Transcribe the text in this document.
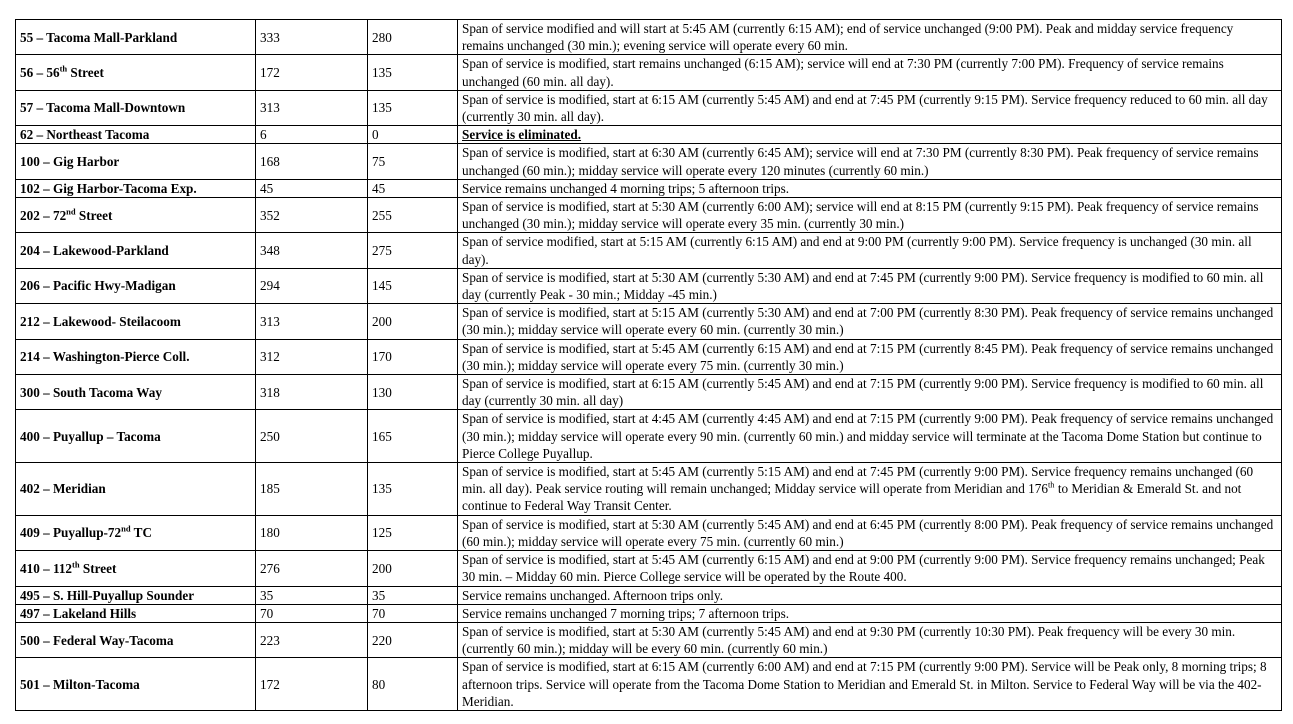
55 – Tacoma Mall-Parkland	333	280	Span of service modified and will start at 5:45 AM (currently 6:15 AM); end of service unchanged (9:00 PM). Peak and midday service frequency remains unchanged (30 min.); evening service will operate every 60 min.
56 – 56th Street	172	135	Span of service is modified, start remains unchanged (6:15 AM); service will end at 7:30 PM (currently 7:00 PM). Frequency of service remains unchanged (60 min. all day).
57 – Tacoma Mall-Downtown	313	135	Span of service is modified, start at 6:15 AM (currently 5:45 AM) and end at 7:45 PM (currently 9:15 PM). Service frequency reduced to 60 min. all day (currently 30 min. all day).
62 – Northeast Tacoma	6	0	Service is eliminated.
100 – Gig Harbor	168	75	Span of service is modified, start at 6:30 AM (currently 6:45 AM); service will end at 7:30 PM (currently 8:30 PM). Peak frequency of service remains unchanged (60 min.); midday service will operate every 120 minutes (currently 60 min.)
102 – Gig Harbor-Tacoma Exp.	45	45	Service remains unchanged 4 morning trips; 5 afternoon trips.
202 – 72nd Street	352	255	Span of service is modified, start at 5:30 AM (currently 6:00 AM); service will end at 8:15 PM (currently 9:15 PM). Peak frequency of service remains unchanged (30 min.); midday service will operate every 35 min. (currently 30 min.)
204 – Lakewood-Parkland	348	275	Span of service modified, start at 5:15 AM (currently 6:15 AM) and end at 9:00 PM (currently 9:00 PM). Service frequency is unchanged (30 min. all day).
206 – Pacific Hwy-Madigan	294	145	Span of service is modified, start at 5:30 AM (currently 5:30 AM) and end at 7:45 PM (currently 9:00 PM). Service frequency is modified to 60 min. all day (currently Peak - 30 min.; Midday -45 min.)
212 – Lakewood- Steilacoom	313	200	Span of service is modified, start at 5:15 AM (currently 5:30 AM) and end at 7:00 PM (currently 8:30 PM). Peak frequency of service remains unchanged (30 min.); midday service will operate every 60 min. (currently 30 min.)
214 – Washington-Pierce Coll.	312	170	Span of service is modified, start at 5:45 AM (currently 6:15 AM) and end at 7:15 PM (currently 8:45 PM). Peak frequency of service remains unchanged (30 min.); midday service will operate every 75 min. (currently 30 min.)
300 – South Tacoma Way	318	130	Span of service is modified, start at 6:15 AM (currently 5:45 AM) and end at 7:15 PM (currently 9:00 PM). Service frequency is modified to 60 min. all day (currently 30 min. all day)
400 – Puyallup – Tacoma	250	165	Span of service is modified, start at 4:45 AM (currently 4:45 AM) and end at 7:15 PM (currently 9:00 PM). Peak frequency of service remains unchanged (30 min.); midday service will operate every 90 min. (currently 60 min.) and midday service will terminate at the Tacoma Dome Station but continue to Pierce College Puyallup.
402 – Meridian	185	135	Span of service is modified, start at 5:45 AM (currently 5:15 AM) and end at 7:45 PM (currently 9:00 PM). Service frequency remains unchanged (60 min. all day). Peak service routing will remain unchanged; Midday service will operate from Meridian and 176th to Meridian & Emerald St. and not continue to Federal Way Transit Center.
409 – Puyallup-72nd TC	180	125	Span of service is modified, start at 5:30 AM (currently 5:45 AM) and end at 6:45 PM (currently 8:00 PM). Peak frequency of service remains unchanged (60 min.); midday service will operate every 75 min. (currently 60 min.)
410 – 112th Street	276	200	Span of service is modified, start at 5:45 AM (currently 6:15 AM) and end at 9:00 PM (currently 9:00 PM). Service frequency remains unchanged; Peak 30 min. – Midday 60 min. Pierce College service will be operated by the Route 400.
495 – S. Hill-Puyallup Sounder	35	35	Service remains unchanged. Afternoon trips only.
497 – Lakeland Hills	70	70	Service remains unchanged 7 morning trips; 7 afternoon trips.
500 – Federal Way-Tacoma	223	220	Span of service is modified, start at 5:30 AM (currently 5:45 AM) and end at 9:30 PM (currently 10:30 PM). Peak frequency will be every 30 min. (currently 60 min.); midday will be every 60 min. (currently 60 min.)
501 – Milton-Tacoma	172	80	Span of service is modified, start at 6:15 AM (currently 6:00 AM) and end at 7:15 PM (currently 9:00 PM). Service will be Peak only, 8 morning trips; 8 afternoon trips. Service will operate from the Tacoma Dome Station to Meridian and Emerald St. in Milton. Service to Federal Way will be via the 402-Meridian.
